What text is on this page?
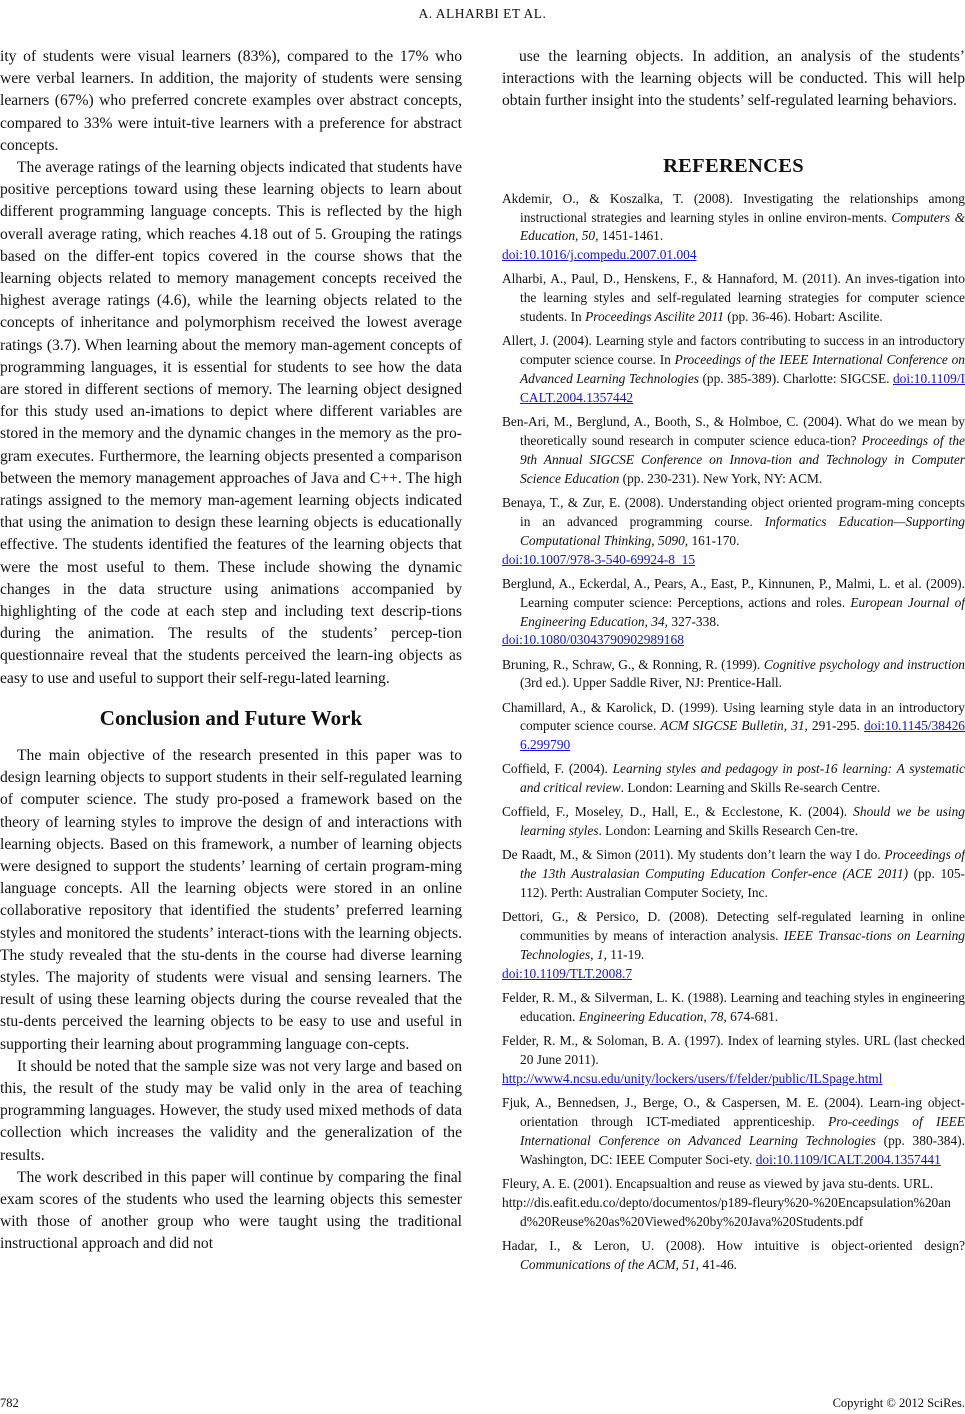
A. ALHARBI ET AL.

ity of students were visual learners (83%), compared to the 17% who were verbal learners. In addition, the majority of students were sensing learners (67%) who preferred concrete examples over abstract concepts, compared to 33% were intuit-tive learners with a preference for abstract concepts.

The average ratings of the learning objects indicated that students have positive perceptions toward using these learning objects to learn about different programming language concepts. This is reflected by the high overall average rating, which reaches 4.18 out of 5. Grouping the ratings based on the differ-ent topics covered in the course shows that the learning objects related to memory management concepts received the highest average ratings (4.6), while the learning objects related to the concepts of inheritance and polymorphism received the lowest average ratings (3.7). When learning about the memory man-agement concepts of programming languages, it is essential for students to see how the data are stored in different sections of memory. The learning object designed for this study used an-imations to depict where different variables are stored in the memory and the dynamic changes in the memory as the pro-gram executes. Furthermore, the learning objects presented a comparison between the memory management approaches of Java and C++. The high ratings assigned to the memory man-agement learning objects indicated that using the animation to design these learning objects is educationally effective. The students identified the features of the learning objects that were the most useful to them. These include showing the dynamic changes in the data structure using animations accompanied by highlighting of the code at each step and including text descrip-tions during the animation. The results of the students’ percep-tion questionnaire reveal that the students perceived the learn-ing objects as easy to use and useful to support their self-regu-lated learning.

Conclusion and Future Work

The main objective of the research presented in this paper was to design learning objects to support students in their self-regulated learning of computer science. The study pro-posed a framework based on the theory of learning styles to improve the design of and interactions with learning objects. Based on this framework, a number of learning objects were designed to support the students’ learning of certain program-ming language concepts. All the learning objects were stored in an online collaborative repository that identified the students’ preferred learning styles and monitored the students’ interact-tions with the learning objects. The study revealed that the stu-dents in the course had diverse learning styles. The majority of students were visual and sensing learners. The result of using these learning objects during the course revealed that the stu-dents perceived the learning objects to be easy to use and useful in supporting their learning about programming language con-cepts.

It should be noted that the sample size was not very large and based on this, the result of the study may be valid only in the area of teaching programming languages. However, the study used mixed methods of data collection which increases the validity and the generalization of the results.

The work described in this paper will continue by comparing the final exam scores of the students who used the learning objects this semester with those of another group who were taught using the traditional instructional approach and did not

use the learning objects. In addition, an analysis of the students’ interactions with the learning objects will be conducted. This will help obtain further insight into the students’ self-regulated learning behaviors.

REFERENCES

Akdemir, O., & Koszalka, T. (2008). Investigating the relationships among instructional strategies and learning styles in online environ-ments. Computers & Education, 50, 1451-1461.
doi:10.1016/j.compedu.2007.01.004

Alharbi, A., Paul, D., Henskens, F., & Hannaford, M. (2011). An inves-tigation into the learning styles and self-regulated learning strategies for computer science students. In Proceedings Ascilite 2011 (pp. 36-46). Hobart: Ascilite.

Allert, J. (2004). Learning style and factors contributing to success in an introductory computer science course. In Proceedings of the IEEE International Conference on Advanced Learning Technologies (pp. 385-389). Charlotte: SIGCSE. doi:10.1109/ICALT.2004.1357442

Ben-Ari, M., Berglund, A., Booth, S., & Holmboe, C. (2004). What do we mean by theoretically sound research in computer science educa-tion? Proceedings of the 9th Annual SIGCSE Conference on Innova-tion and Technology in Computer Science Education (pp. 230-231). New York, NY: ACM.

Benaya, T., & Zur, E. (2008). Understanding object oriented program-ming concepts in an advanced programming course. Informatics Education—Supporting Computational Thinking, 5090, 161-170.
doi:10.1007/978-3-540-69924-8_15

Berglund, A., Eckerdal, A., Pears, A., East, P., Kinnunen, P., Malmi, L. et al. (2009). Learning computer science: Perceptions, actions and roles. European Journal of Engineering Education, 34, 327-338.
doi:10.1080/03043790902989168

Bruning, R., Schraw, G., & Ronning, R. (1999). Cognitive psychology and instruction (3rd ed.). Upper Saddle River, NJ: Prentice-Hall.

Chamillard, A., & Karolick, D. (1999). Using learning style data in an introductory computer science course. ACM SIGCSE Bulletin, 31, 291-295. doi:10.1145/384266.299790

Coffield, F. (2004). Learning styles and pedagogy in post-16 learning: A systematic and critical review. London: Learning and Skills Re-search Centre.

Coffield, F., Moseley, D., Hall, E., & Ecclestone, K. (2004). Should we be using learning styles. London: Learning and Skills Research Cen-tre.

De Raadt, M., & Simon (2011). My students don’t learn the way I do. Proceedings of the 13th Australasian Computing Education Confer-ence (ACE 2011) (pp. 105-112). Perth: Australian Computer Society, Inc.

Dettori, G., & Persico, D. (2008). Detecting self-regulated learning in online communities by means of interaction analysis. IEEE Transac-tions on Learning Technologies, 1, 11-19.
doi:10.1109/TLT.2008.7

Felder, R. M., & Silverman, L. K. (1988). Learning and teaching styles in engineering education. Engineering Education, 78, 674-681.

Felder, R. M., & Soloman, B. A. (1997). Index of learning styles. URL (last checked 20 June 2011).
http://www4.ncsu.edu/unity/lockers/users/f/felder/public/ILSpage.html

Fjuk, A., Bennedsen, J., Berge, O., & Caspersen, M. E. (2004). Learn-ing object-orientation through ICT-mediated apprenticeship. Pro-ceedings of IEEE International Conference on Advanced Learning Technologies (pp. 380-384). Washington, DC: IEEE Computer Soci-ety. doi:10.1109/ICALT.2004.1357441

Fleury, A. E. (2001). Encapsualtion and reuse as viewed by java stu-dents. URL.
http://dis.eafit.edu.co/depto/documentos/p189-fleury%20-%20Encapsulation%20and%20Reuse%20as%20Viewed%20by%20Java%20Students.pdf

Hadar, I., & Leron, U. (2008). How intuitive is object-oriented design? Communications of the ACM, 51, 41-46.

782	Copyright © 2012 SciRes.
